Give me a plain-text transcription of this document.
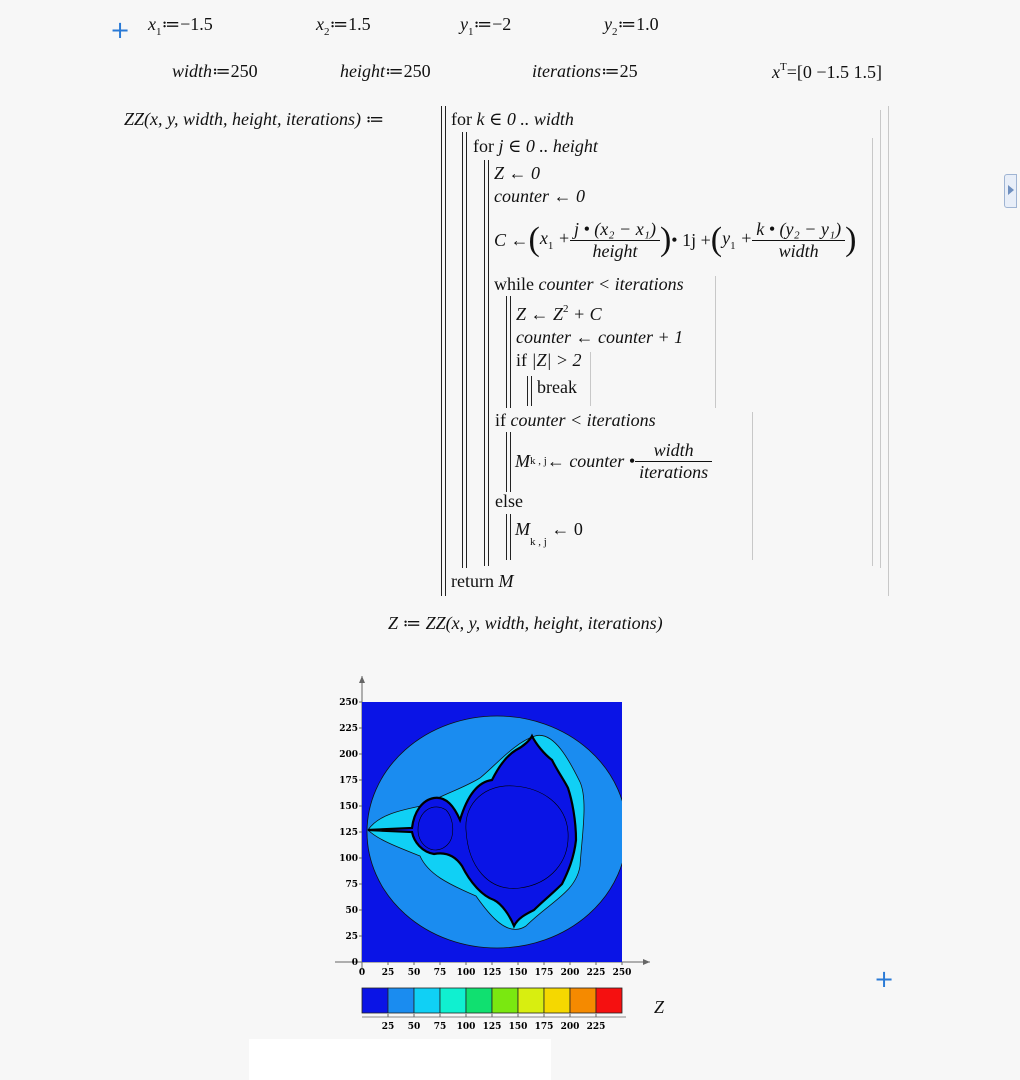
+
+
$x_1≔-1.5$	$x_2≔1.5$	$y_1≔-2$	$y_2≔1.0$
width≔250	height≔250	iterations≔25	$x^T=[0 -1.5$ 1.5]
ZZ(x, y, width, height, iterations) ≔	for k ∈ 0 .. width
for j ∈ 0 .. height
Z ← 0
counter ← 0
C ← ( $x_1 + \frac{\text{j • (x₂ − x₁)}}{\text{height}}$ ) • 1j + ( $y_1 + \frac{\text{k • (y₂ − y₁)}}{\text{width}}$ )
while counter < iterations
Z ← $Z^2 + C$
counter ← counter + 1
if |Z| > 2
break
if counter < iterations
M k , j ← counter • $\frac{\text{width}}{\text{iterations}}$
else
$M_{k , j}$ ← 0
return M
Z ≔ ZZ(x, y, width, height, iterations)
0 25 50 75 100 125 150 175 200 225 250
0
25
50
75
100
125
150
175
200
225
250
25 50 75 100 125 150 175 200 225
Z
